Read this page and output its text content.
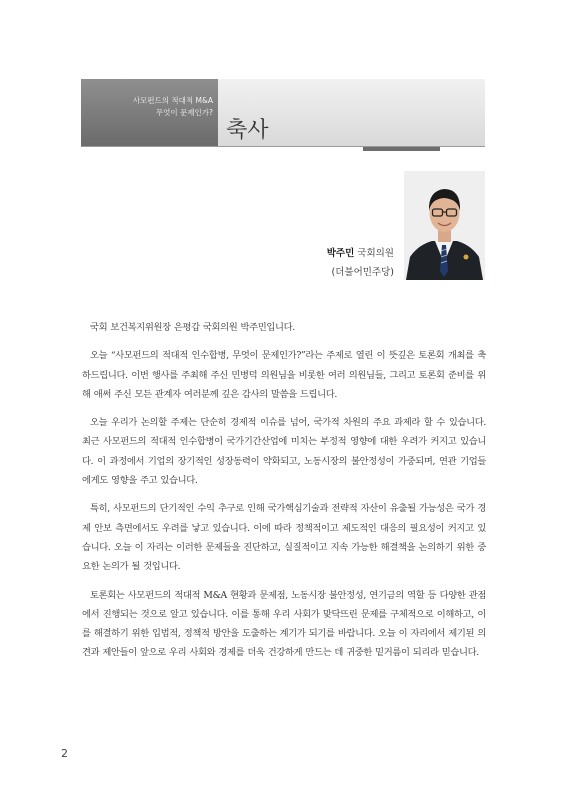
사모펀드의 적대적 M&A
무엇이 문제인가?
축사
박주민 국회의원
(더불어민주당)

국회 보건복지위원장 은평갑 국회의원 박주민입니다.

오늘 “사모펀드의 적대적 인수합병, 무엇이 문제인가?”라는 주제로 열린 이 뜻깊은 토론회 개최를 축하드립니다. 이번 행사를 주최해 주신 민병덕 의원님을 비롯한 여러 의원님들, 그리고 토론회 준비를 위해 애써 주신 모든 관계자 여러분께 깊은 감사의 말씀을 드립니다.

오늘 우리가 논의할 주제는 단순히 경제적 이슈를 넘어, 국가적 차원의 주요 과제라 할 수 있습니다. 최근 사모펀드의 적대적 인수합병이 국가기간산업에 미치는 부정적 영향에 대한 우려가 커지고 있습니다. 이 과정에서 기업의 장기적인 성장동력이 약화되고, 노동시장의 불안정성이 가중되며, 연관 기업들에게도 영향을 주고 있습니다.

특히, 사모펀드의 단기적인 수익 추구로 인해 국가핵심기술과 전략적 자산이 유출될 가능성은 국가 경제 안보 측면에서도 우려를 낳고 있습니다. 이에 따라 정책적이고 제도적인 대응의 필요성이 커지고 있습니다. 오늘 이 자리는 이러한 문제들을 진단하고, 실질적이고 지속 가능한 해결책을 논의하기 위한 중요한 논의가 될 것입니다.

토론회는 사모펀드의 적대적 M&A 현황과 문제점, 노동시장 불안정성, 연기금의 역할 등 다양한 관점에서 진행되는 것으로 알고 있습니다. 이를 통해 우리 사회가 맞닥뜨린 문제를 구체적으로 이해하고, 이를 해결하기 위한 입법적, 정책적 방안을 도출하는 계기가 되기를 바랍니다. 오늘 이 자리에서 제기된 의견과 제안들이 앞으로 우리 사회와 경제를 더욱 건강하게 만드는 데 귀중한 밑거름이 되리라 믿습니다.

2
